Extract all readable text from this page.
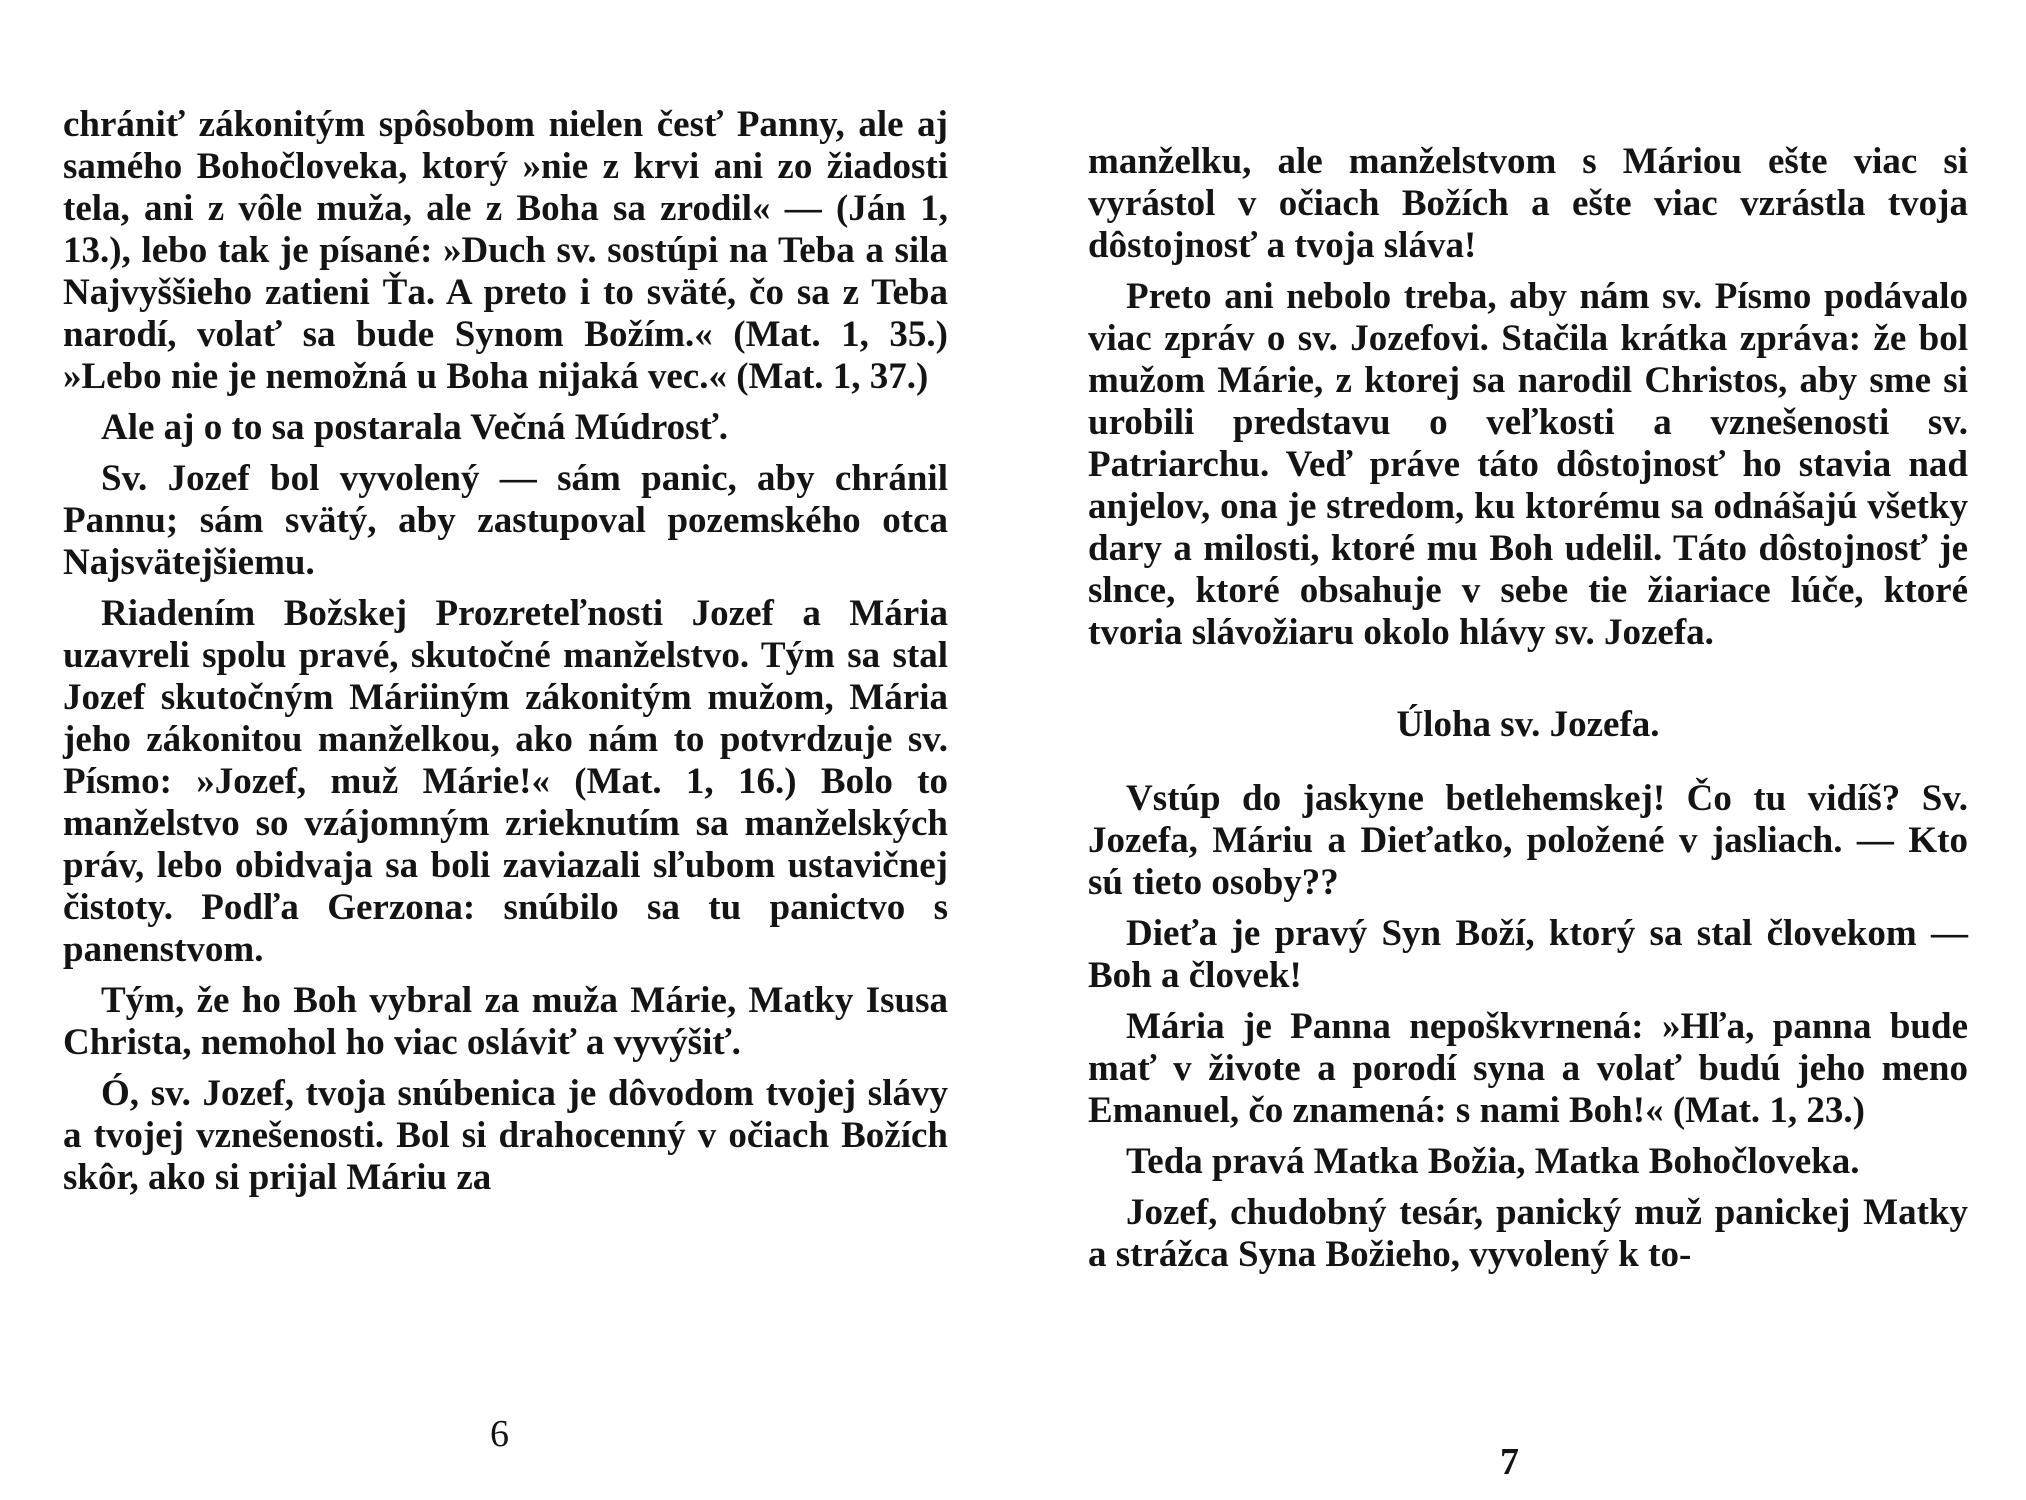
chrániť zákonitým spôsobom nielen česť Panny, ale aj samého Bohočloveka, ktorý »nie z krvi ani zo žiadosti tela, ani z vôle muža, ale z Boha sa zrodil« — (Ján 1, 13.), lebo tak je písané: »Duch sv. sostúpi na Teba a sila Najvyššieho zatieni Ťa. A preto i to sväté, čo sa z Teba narodí, volať sa bude Synom Božím.« (Mat. 1, 35.) »Lebo nie je nemožná u Boha nijaká vec.« (Mat. 1, 37.)

Ale aj o to sa postarala Večná Múdrosť.

Sv. Jozef bol vyvolený — sám panic, aby chránil Pannu; sám svätý, aby zastupoval pozemského otca Najsvätejšiemu.

Riadením Božskej Prozreteľnosti Jozef a Mária uzavreli spolu pravé, skutočné manželstvo. Tým sa stal Jozef skutočným Máriiným zákonitým mužom, Mária jeho zákonitou manželkou, ako nám to potvrdzuje sv. Písmo: »Jozef, muž Márie!« (Mat. 1, 16.) Bolo to manželstvo so vzájomným zrieknutím sa manželských práv, lebo obidvaja sa boli zaviazali sľubom ustavičnej čistoty. Podľa Gerzona: snúbilo sa tu panictvo s panenstvom.

Tým, že ho Boh vybral za muža Márie, Matky Isusa Christa, nemohol ho viac osláviť a vyvýšiť.

Ó, sv. Jozef, tvoja snúbenica je dôvodom tvojej slávy a tvojej vznešenosti. Bol si drahocenný v očiach Božích skôr, ako si prijal Máriu za

6

manželku, ale manželstvom s Máriou ešte viac si vyrástol v očiach Božích a ešte viac vzrástla tvoja dôstojnosť a tvoja sláva!

Preto ani nebolo treba, aby nám sv. Písmo podávalo viac zpráv o sv. Jozefovi. Stačila krátka zpráva: že bol mužom Márie, z ktorej sa narodil Christos, aby sme si urobili predstavu o veľkosti a vznešenosti sv. Patriarchu. Veď práve táto dôstojnosť ho stavia nad anjelov, ona je stredom, ku ktorému sa odnášajú všetky dary a milosti, ktoré mu Boh udelil. Táto dôstojnosť je slnce, ktoré obsahuje v sebe tie žiariace lúče, ktoré tvoria slávožiaru okolo hlávy sv. Jozefa.

Úloha sv. Jozefa.

Vstúp do jaskyne betlehemskej! Čo tu vidíš? Sv. Jozefa, Máriu a Dieťatko, položené v jasliach. — Kto sú tieto osoby??

Dieťa je pravý Syn Boží, ktorý sa stal človekom — Boh a človek!

Mária je Panna nepoškvrnená: »Hľa, panna bude mať v živote a porodí syna a volať budú jeho meno Emanuel, čo znamená: s nami Boh!« (Mat. 1, 23.)

Teda pravá Matka Božia, Matka Bohočloveka.

Jozef, chudobný tesár, panický muž panickej Matky a strážca Syna Božieho, vyvolený k to-

7
